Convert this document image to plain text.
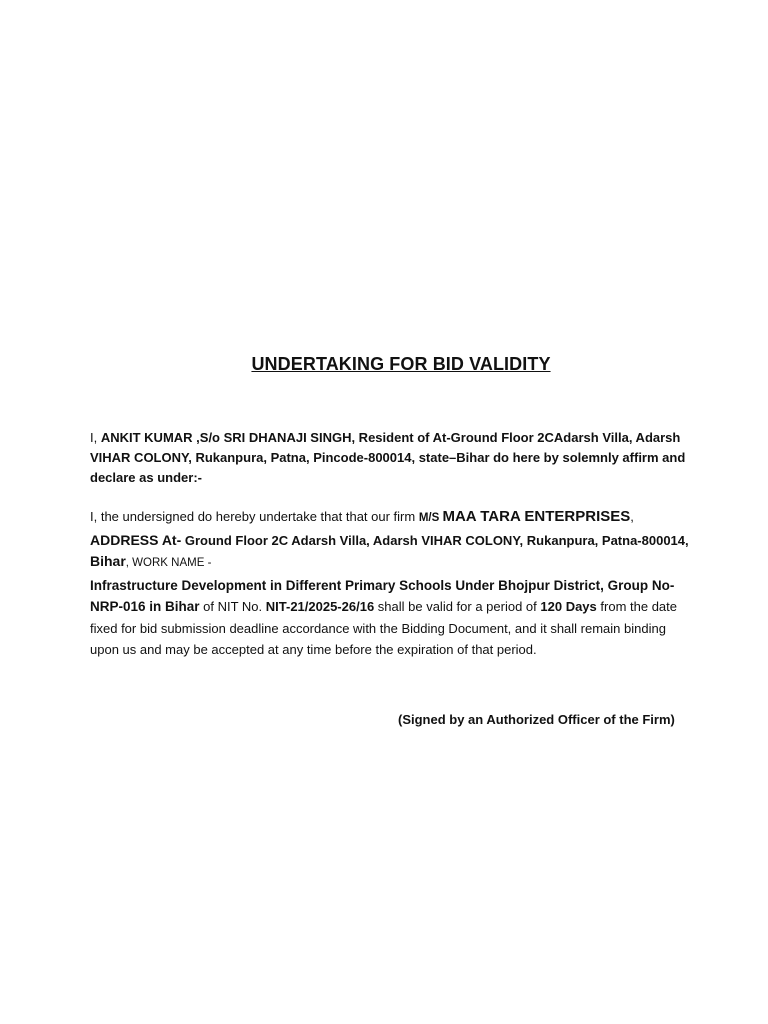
UNDERTAKING FOR BID VALIDITY
I, ANKIT KUMAR ,S/o SRI DHANAJI SINGH, Resident of At-Ground Floor 2CAdarsh Villa, Adarsh
VIHAR COLONY, Rukanpura, Patna, Pincode-800014, state–Bihar do here by solemnly affirm and
declare as under:-
I, the undersigned do hereby undertake that that our firm M/S MAA TARA ENTERPRISES,
ADDRESS At- Ground Floor 2C Adarsh Villa, Adarsh VIHAR COLONY, Rukanpura, Patna-800014,
Bihar, WORK NAME -
Infrastructure Development in Different Primary Schools Under Bhojpur District, Group No-
NRP-016 in Bihar of NIT No. NIT-21/2025-26/16 shall be valid for a period of 120 Days from the date
fixed for bid submission deadline accordance with the Bidding Document, and it shall remain binding
upon us and may be accepted at any time before the expiration of that period.
(Signed by an Authorized Officer of the Firm)
